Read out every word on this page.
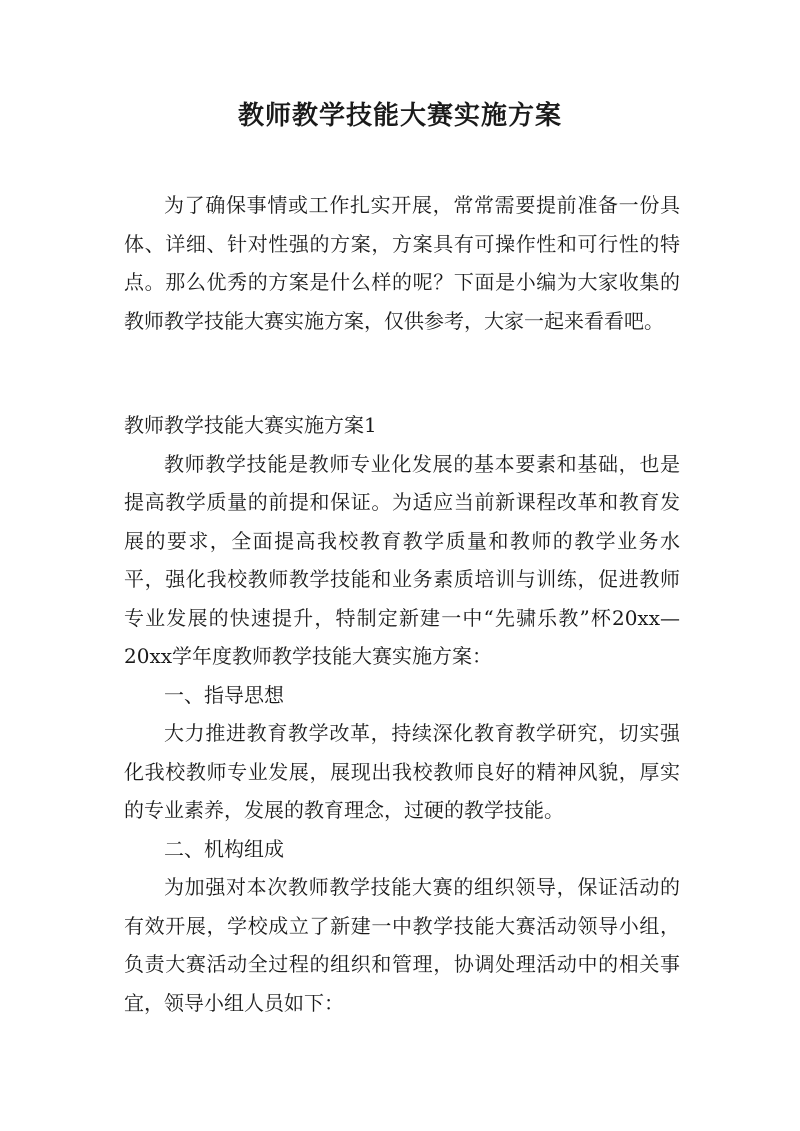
教师教学技能大赛实施方案

为了确保事情或工作扎实开展，常常需要提前准备一份具体、详细、针对性强的方案，方案具有可操作性和可行性的特点。那么优秀的方案是什么样的呢？下面是小编为大家收集的教师教学技能大赛实施方案，仅供参考，大家一起来看看吧。

教师教学技能大赛实施方案1

教师教学技能是教师专业化发展的基本要素和基础，也是提高教学质量的前提和保证。为适应当前新课程改革和教育发展的要求，全面提高我校教育教学质量和教师的教学业务水平，强化我校教师教学技能和业务素质培训与训练，促进教师专业发展的快速提升，特制定新建一中“先骕乐教”杯20xx—20xx学年度教师教学技能大赛实施方案：

一、指导思想

大力推进教育教学改革，持续深化教育教学研究，切实强化我校教师专业发展，展现出我校教师良好的精神风貌，厚实的专业素养，发展的教育理念，过硬的教学技能。

二、机构组成

为加强对本次教师教学技能大赛的组织领导，保证活动的有效开展，学校成立了新建一中教学技能大赛活动领导小组，负责大赛活动全过程的组织和管理，协调处理活动中的相关事宜，领导小组人员如下：
